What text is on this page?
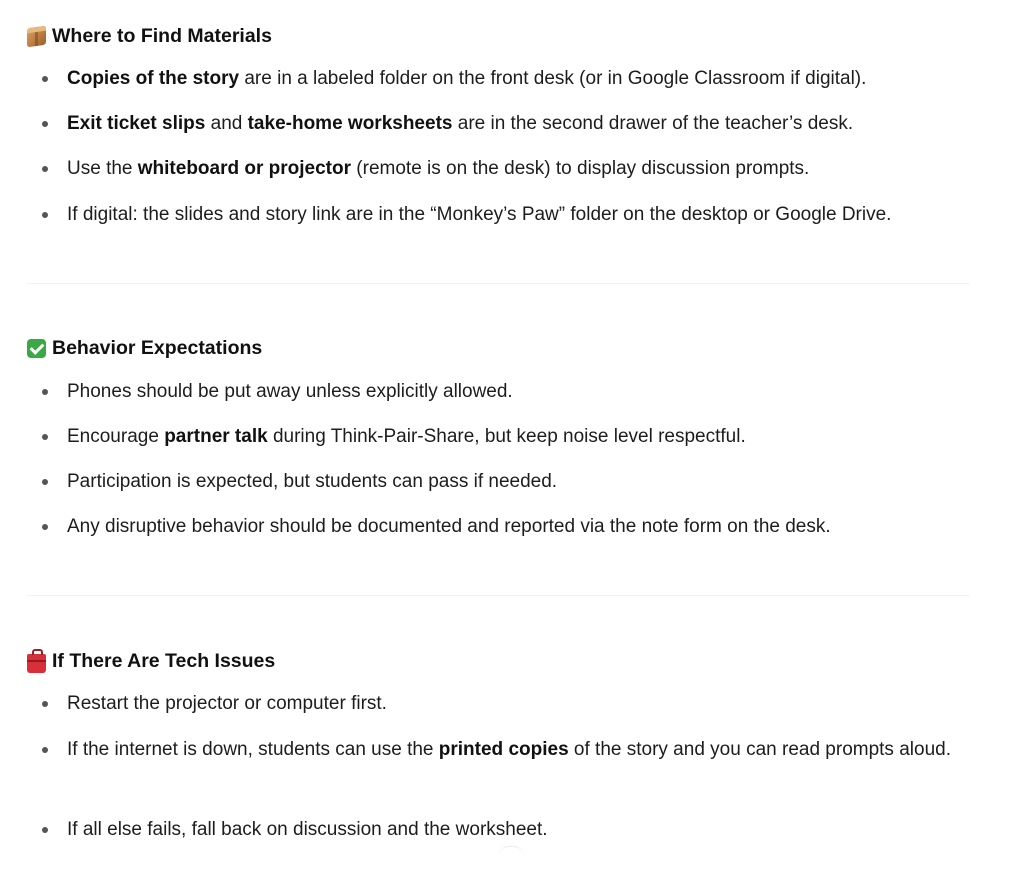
Where to Find Materials
Copies of the story are in a labeled folder on the front desk (or in Google Classroom if digital).
Exit ticket slips and take-home worksheets are in the second drawer of the teacher’s desk.
Use the whiteboard or projector (remote is on the desk) to display discussion prompts.
If digital: the slides and story link are in the “Monkey’s Paw” folder on the desktop or Google Drive.
Behavior Expectations
Phones should be put away unless explicitly allowed.
Encourage partner talk during Think-Pair-Share, but keep noise level respectful.
Participation is expected, but students can pass if needed.
Any disruptive behavior should be documented and reported via the note form on the desk.
If There Are Tech Issues
Restart the projector or computer first.
If the internet is down, students can use the printed copies of the story and you can read prompts aloud.
If all else fails, fall back on discussion and the worksheet.
